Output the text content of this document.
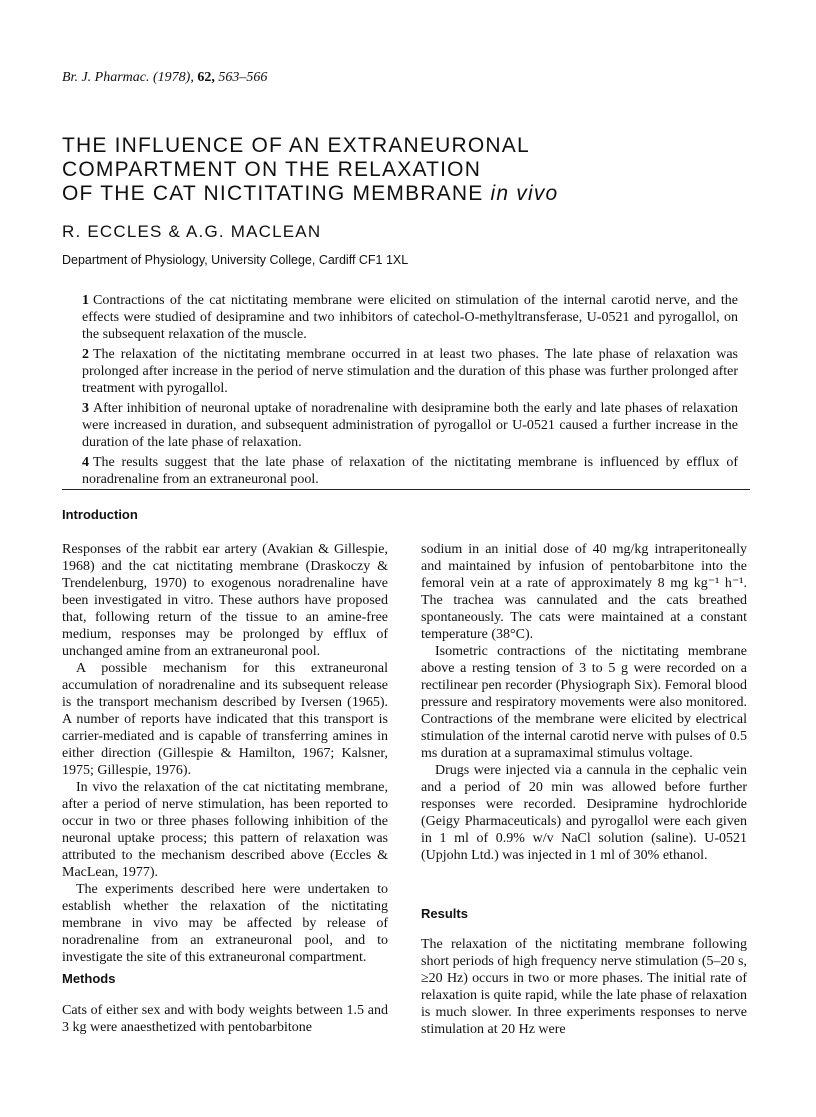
Br. J. Pharmac. (1978), 62, 563–566
THE INFLUENCE OF AN EXTRANEURONAL
COMPARTMENT ON THE RELAXATION
OF THE CAT NICTITATING MEMBRANE in vivo
R. ECCLES & A.G. MACLEAN
Department of Physiology, University College, Cardiff CF1 1XL

1 Contractions of the cat nictitating membrane were elicited on stimulation of the internal carotid nerve, and the effects were studied of desipramine and two inhibitors of catechol-O-methyltransferase, U-0521 and pyrogallol, on the subsequent relaxation of the muscle.

2 The relaxation of the nictitating membrane occurred in at least two phases. The late phase of relaxation was prolonged after increase in the period of nerve stimulation and the duration of this phase was further prolonged after treatment with pyrogallol.

3 After inhibition of neuronal uptake of noradrenaline with desipramine both the early and late phases of relaxation were increased in duration, and subsequent administration of pyrogallol or U-0521 caused a further increase in the duration of the late phase of relaxation.

4 The results suggest that the late phase of relaxation of the nictitating membrane is influenced by efflux of noradrenaline from an extraneuronal pool.

Introduction

Responses of the rabbit ear artery (Avakian & Gillespie, 1968) and the cat nictitating membrane (Draskoczy & Trendelenburg, 1970) to exogenous noradrenaline have been investigated in vitro. These authors have proposed that, following return of the tissue to an amine-free medium, responses may be prolonged by efflux of unchanged amine from an extraneuronal pool.

A possible mechanism for this extraneuronal accumulation of noradrenaline and its subsequent release is the transport mechanism described by Iversen (1965). A number of reports have indicated that this transport is carrier-mediated and is capable of transferring amines in either direction (Gillespie & Hamilton, 1967; Kalsner, 1975; Gillespie, 1976).

In vivo the relaxation of the cat nictitating membrane, after a period of nerve stimulation, has been reported to occur in two or three phases following inhibition of the neuronal uptake process; this pattern of relaxation was attributed to the mechanism described above (Eccles & MacLean, 1977).

The experiments described here were undertaken to establish whether the relaxation of the nictitating membrane in vivo may be affected by release of noradrenaline from an extraneuronal pool, and to investigate the site of this extraneuronal compartment.

Methods

Cats of either sex and with body weights between 1.5 and 3 kg were anaesthetized with pentobarbitone

sodium in an initial dose of 40 mg/kg intraperitoneally and maintained by infusion of pentobarbitone into the femoral vein at a rate of approximately 8 mg kg⁻¹ h⁻¹. The trachea was cannulated and the cats breathed spontaneously. The cats were maintained at a constant temperature (38°C).

Isometric contractions of the nictitating membrane above a resting tension of 3 to 5 g were recorded on a rectilinear pen recorder (Physiograph Six). Femoral blood pressure and respiratory movements were also monitored. Contractions of the membrane were elicited by electrical stimulation of the internal carotid nerve with pulses of 0.5 ms duration at a supramaximal stimulus voltage.

Drugs were injected via a cannula in the cephalic vein and a period of 20 min was allowed before further responses were recorded. Desipramine hydrochloride (Geigy Pharmaceuticals) and pyrogallol were each given in 1 ml of 0.9% w/v NaCl solution (saline). U-0521 (Upjohn Ltd.) was injected in 1 ml of 30% ethanol.

Results

The relaxation of the nictitating membrane following short periods of high frequency nerve stimulation (5–20 s, ≥20 Hz) occurs in two or more phases. The initial rate of relaxation is quite rapid, while the late phase of relaxation is much slower. In three experiments responses to nerve stimulation at 20 Hz were
